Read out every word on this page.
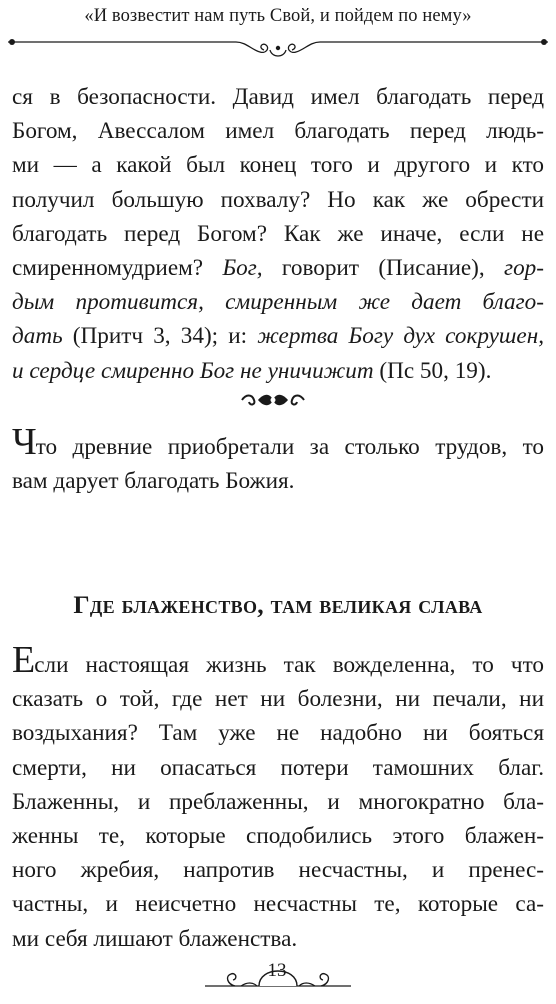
«И возвестит нам путь Свой, и пойдем по нему»
ся в безопасности. Давид имел благодать перед
Богом, Авессалом имел благодать перед людь-
ми — а какой был конец того и другого и кто
получил большую похвалу? Но как же обрести
благодать перед Богом? Как же иначе, если не
смиренномудрием? Бог, говорит (Писание), гор-
дым противится, смиренным же дает благо-
дать (Притч 3, 34); и: жертва Богу дух сокрушен,
и сердце смиренно Бог не уничижит (Пс 50, 19).
Что древние приобретали за столько трудов, то
вам дарует благодать Божия.
Где блаженство, там великая слава
Если настоящая жизнь так вожделенна, то что
сказать о той, где нет ни болезни, ни печали, ни
воздыхания? Там уже не надобно ни бояться
смерти, ни опасаться потери тамошних благ.
Блаженны, и преблаженны, и многократно бла-
женны те, которые сподобились этого блажен-
ного жребия, напротив несчастны, и пренес-
частны, и неисчетно несчастны те, которые са-
ми себя лишают блаженства.
13
